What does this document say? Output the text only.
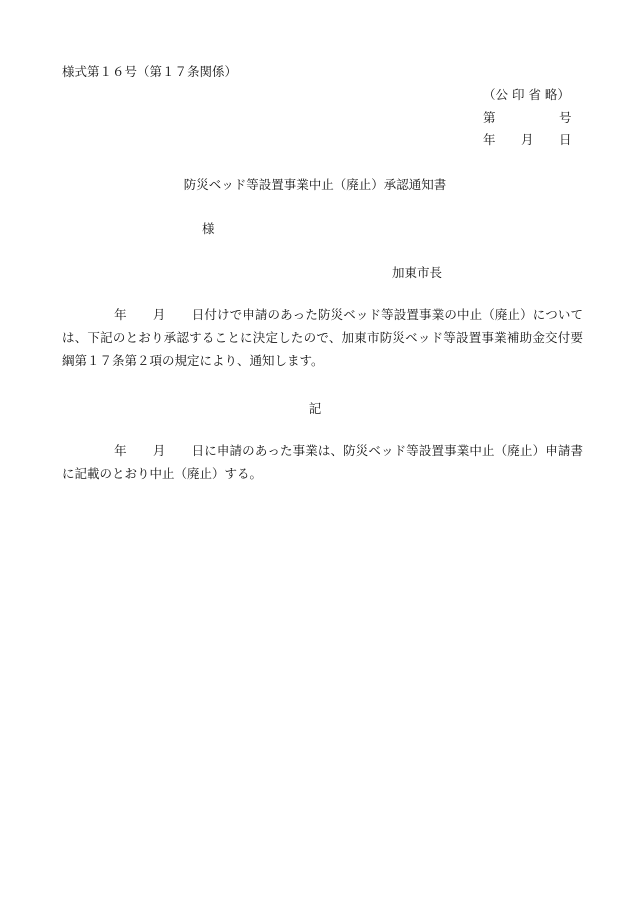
様式第１６号（第１７条関係）
（公 印 省 略）
第	号
年 月 日
防災ベッド等設置事業中止（廃止）承認通知書
様
加東市長

年 月 日付けで申請のあった防災ベッド等設置事業の中止（廃止）については、下記のとおり承認することに決定したので、加東市防災ベッド等設置事業補助金交付要綱第１７条第２項の規定により、通知します。

記

年 月 日に申請のあった事業は、防災ベッド等設置事業中止（廃止）申請書に記載のとおり中止（廃止）する。
